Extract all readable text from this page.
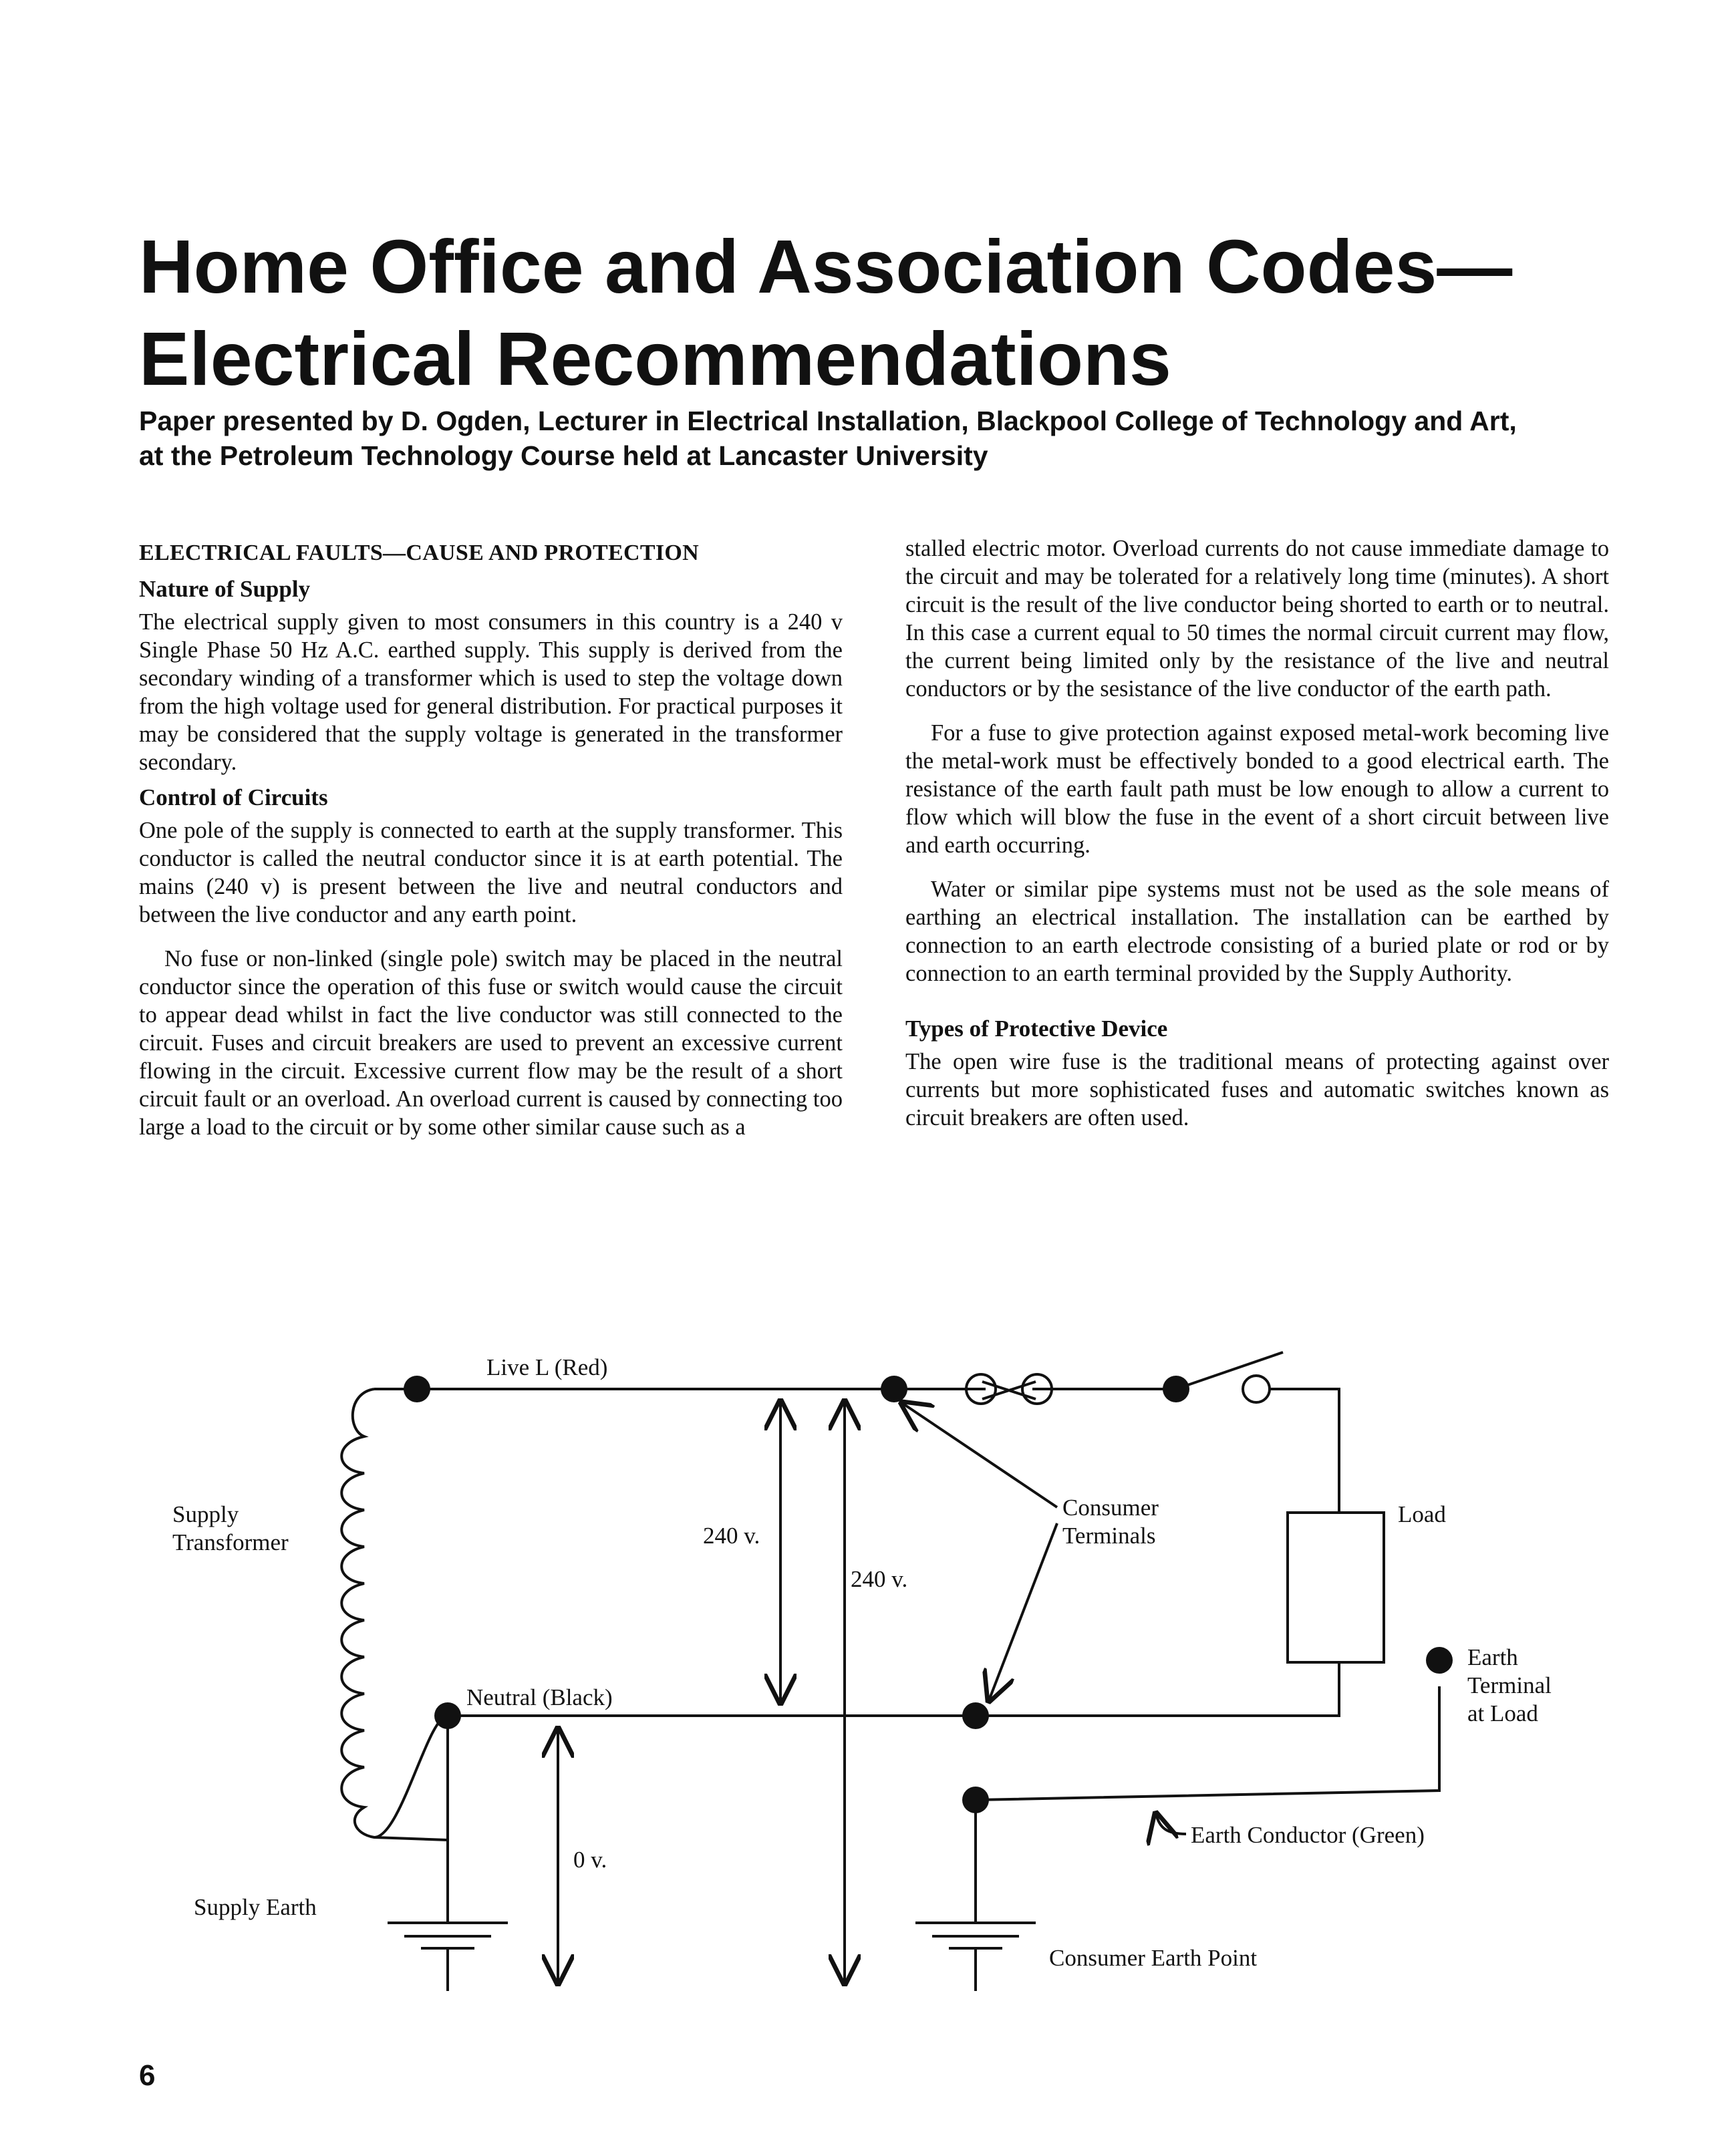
Home Office and Association Codes—
Electrical Recommendations
Paper presented by D. Ogden, Lecturer in Electrical Installation, Blackpool College of Technology and Art,
at the Petroleum Technology Course held at Lancaster University
ELECTRICAL FAULTS—CAUSE AND PROTECTION
Nature of Supply

The electrical supply given to most consumers in this country is a 240 v Single Phase 50 Hz A.C. earthed supply. This supply is derived from the secondary winding of a transformer which is used to step the voltage down from the high voltage used for general distribution. For practical purposes it may be considered that the supply voltage is generated in the transformer secondary.

Control of Circuits

One pole of the supply is connected to earth at the supply transformer. This conductor is called the neutral conductor since it is at earth potential. The mains (240 v) is present between the live and neutral conductors and between the live conductor and any earth point.

No fuse or non-linked (single pole) switch may be placed in the neutral conductor since the operation of this fuse or switch would cause the circuit to appear dead whilst in fact the live conductor was still connected to the circuit. Fuses and circuit breakers are used to prevent an excessive current flowing in the circuit. Excessive current flow may be the result of a short circuit fault or an overload. An overload current is caused by connecting too large a load to the circuit or by some other similar cause such as a

stalled electric motor. Overload currents do not cause immediate damage to the circuit and may be tolerated for a relatively long time (minutes). A short circuit is the result of the live conductor being shorted to earth or to neutral. In this case a current equal to 50 times the normal circuit current may flow, the current being limited only by the resistance of the live and neutral conductors or by the sesistance of the live conductor of the earth path.

For a fuse to give protection against exposed metal-work becoming live the metal-work must be effectively bonded to a good electrical earth. The resistance of the earth fault path must be low enough to allow a current to flow which will blow the fuse in the event of a short circuit between live and earth occurring.

Water or similar pipe systems must not be used as the sole means of earthing an electrical installation. The installation can be earthed by connection to an earth electrode consisting of a buried plate or rod or by connection to an earth terminal provided by the Supply Authority.

Types of Protective Device

The open wire fuse is the traditional means of protecting against over currents but more sophisticated fuses and automatic switches known as circuit breakers are often used.

Live L (Red)
Neutral (Black)
Supply
Transformer	240 v.
240 v.
0 v.
Consumer
Terminals
Load
Earth
Terminal
at Load
Earth Conductor (Green)
Supply Earth
Consumer Earth Point
6
